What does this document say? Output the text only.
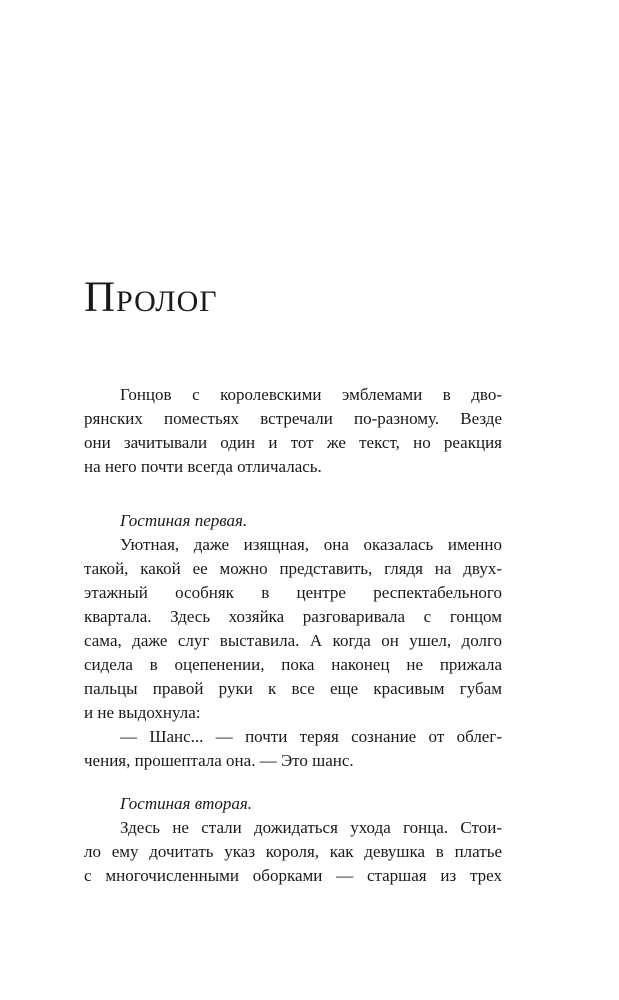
Пролог
Гонцов с королевскими эмблемами в дво-
рянских поместьях встречали по-разному. Везде
они зачитывали один и тот же текст, но реакция
на него почти всегда отличалась.
Гостиная первая.
Уютная, даже изящная, она оказалась именно
такой, какой ее можно представить, глядя на двух-
этажный особняк в центре респектабельного
квартала. Здесь хозяйка разговаривала с гонцом
сама, даже слуг выставила. А когда он ушел, долго
сидела в оцепенении, пока наконец не прижала
пальцы правой руки к все еще красивым губам
и не выдохнула:
— Шанс... — почти теряя сознание от облег-
чения, прошептала она. — Это шанс.
Гостиная вторая.
Здесь не стали дожидаться ухода гонца. Стои-
ло ему дочитать указ короля, как девушка в платье
с многочисленными оборками — старшая из трех
